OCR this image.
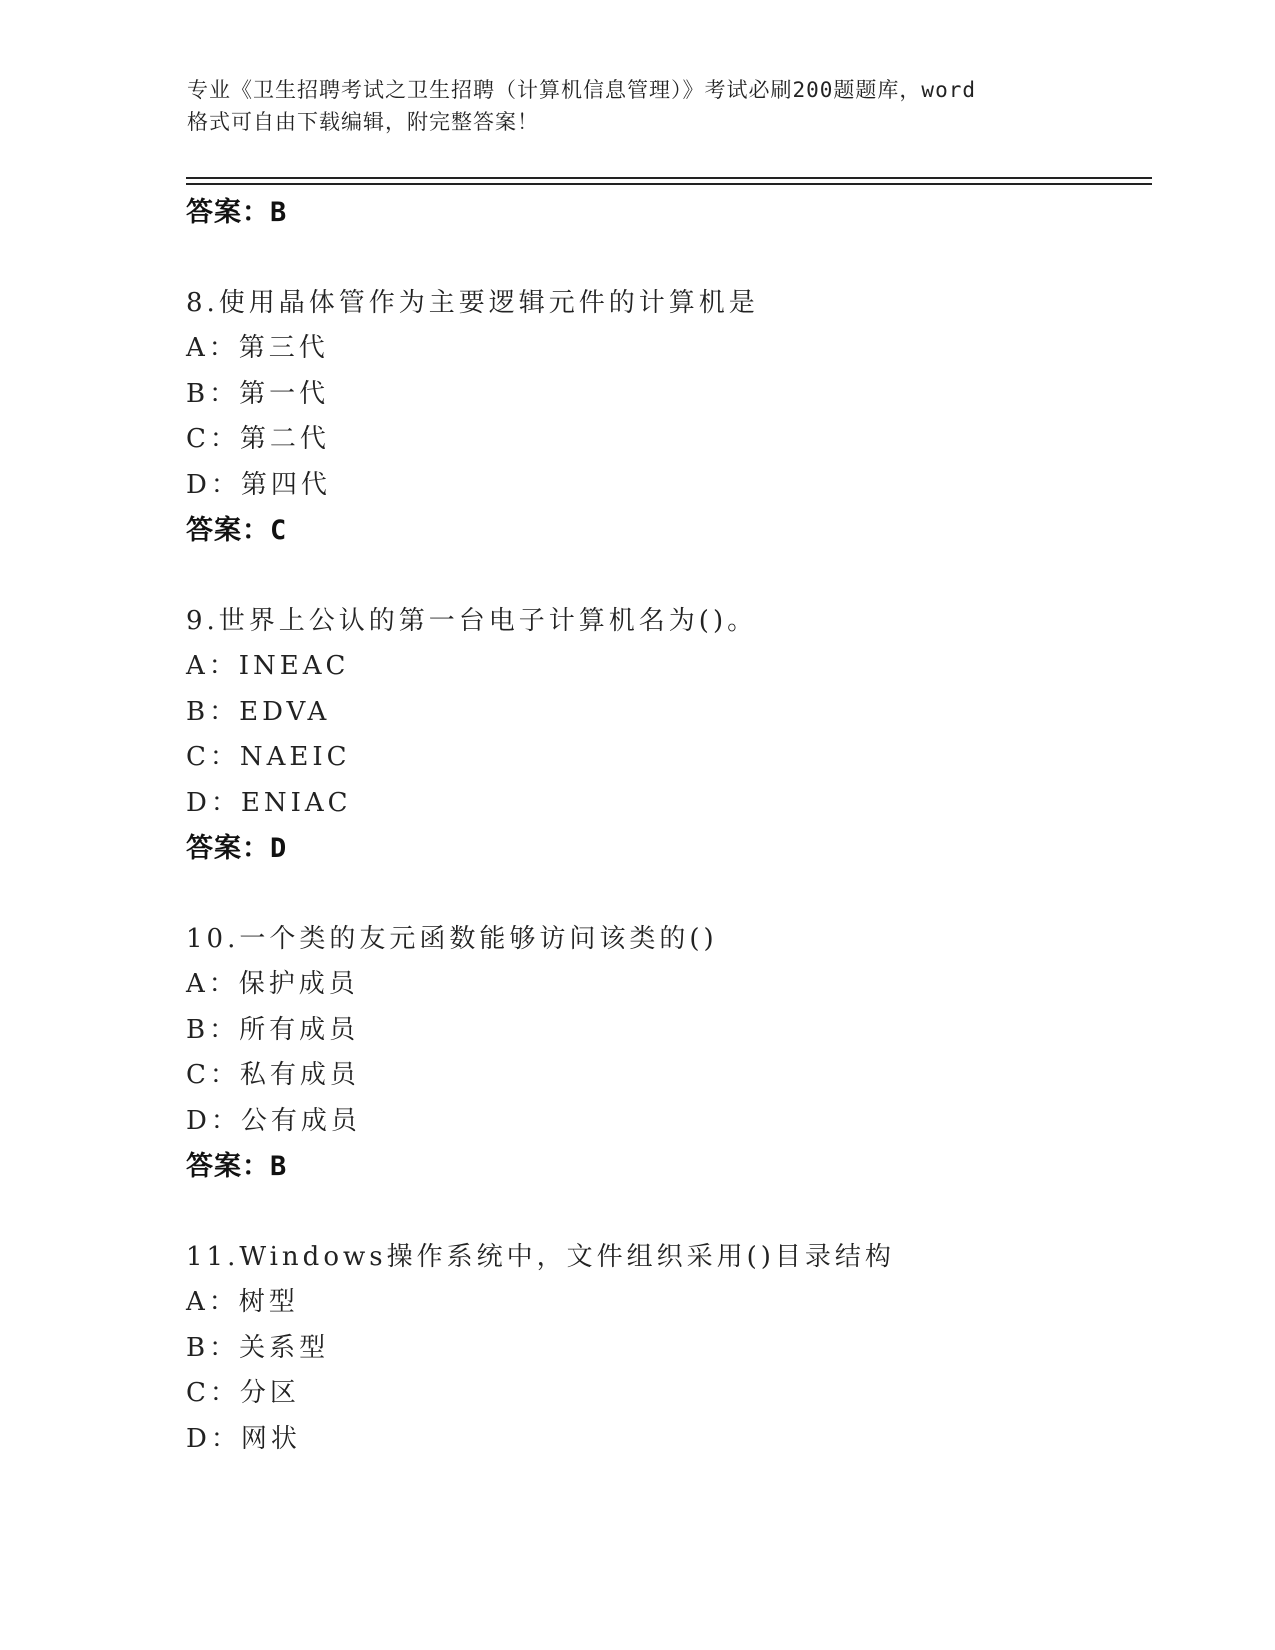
专业《卫生招聘考试之卫生招聘（计算机信息管理）》考试必刷200题题库，word
格式可自由下载编辑，附完整答案！
答案：B
8.使用晶体管作为主要逻辑元件的计算机是
A：第三代
B：第一代
C：第二代
D：第四代
答案：C
9.世界上公认的第一台电子计算机名为()。
A：INEAC
B：EDVA
C：NAEIC
D：ENIAC
答案：D
10.一个类的友元函数能够访问该类的()
A：保护成员
B：所有成员
C：私有成员
D：公有成员
答案：B
11.Windows操作系统中，文件组织采用()目录结构
A：树型
B：关系型
C：分区
D：网状
